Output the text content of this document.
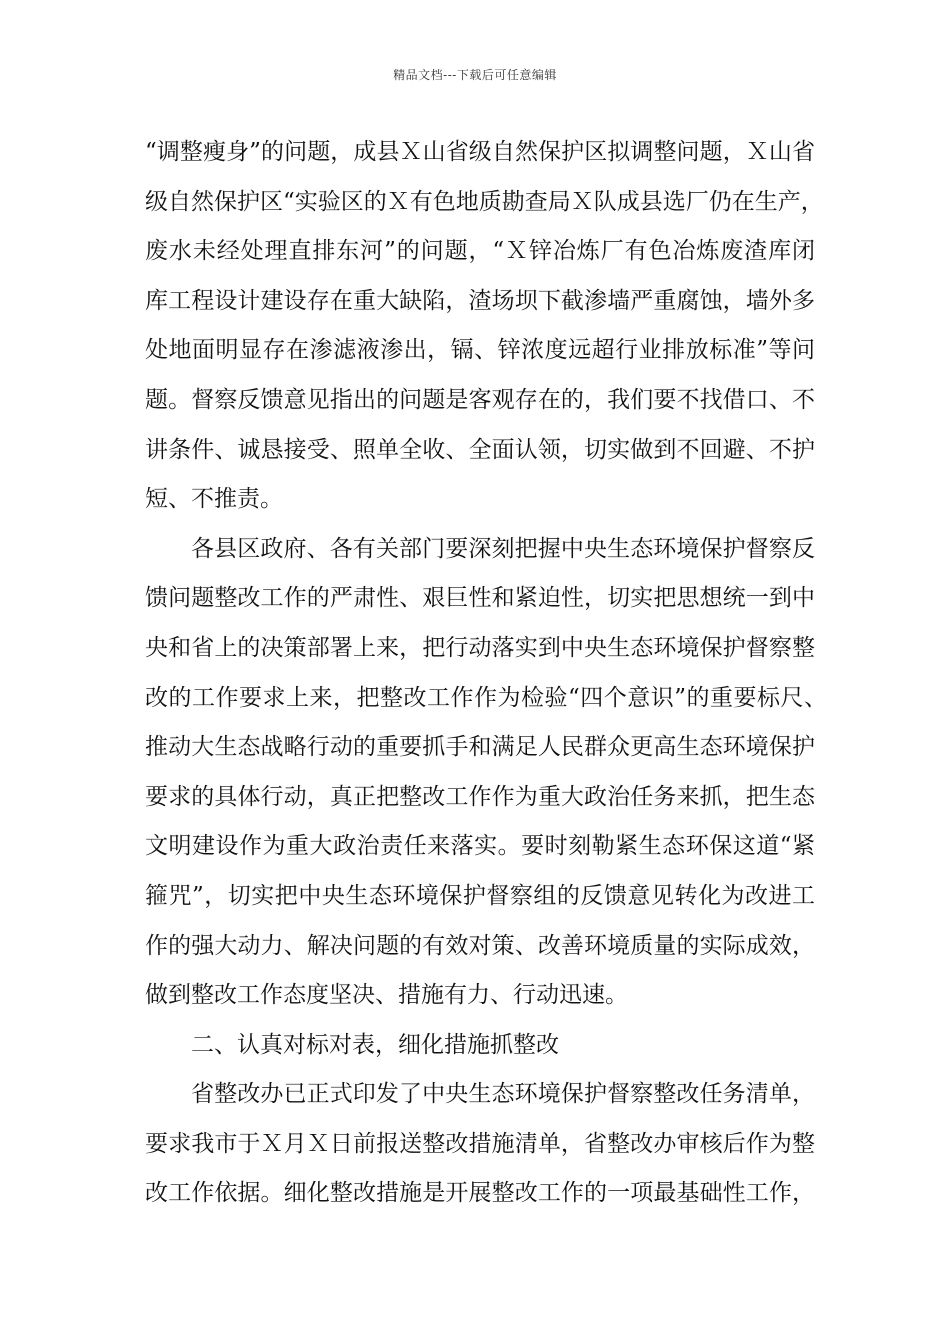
精品文档---下载后可任意编辑
“调整瘦身”的问题，成县Ｘ山省级自然保护区拟调整问题，Ｘ山省
级自然保护区“实验区的Ｘ有色地质勘查局Ｘ队成县选厂仍在生产，
废水未经处理直排东河”的问题，“Ｘ锌冶炼厂有色冶炼废渣库闭
库工程设计建设存在重大缺陷，渣场坝下截渗墙严重腐蚀，墙外多
处地面明显存在渗滤液渗出，镉、锌浓度远超行业排放标准”等问
题。督察反馈意见指出的问题是客观存在的，我们要不找借口、不
讲条件、诚恳接受、照单全收、全面认领，切实做到不回避、不护
短、不推责。
各县区政府、各有关部门要深刻把握中央生态环境保护督察反
馈问题整改工作的严肃性、艰巨性和紧迫性，切实把思想统一到中
央和省上的决策部署上来，把行动落实到中央生态环境保护督察整
改的工作要求上来，把整改工作作为检验“四个意识”的重要标尺、
推动大生态战略行动的重要抓手和满足人民群众更高生态环境保护
要求的具体行动，真正把整改工作作为重大政治任务来抓，把生态
文明建设作为重大政治责任来落实。要时刻勒紧生态环保这道“紧
箍咒”，切实把中央生态环境保护督察组的反馈意见转化为改进工
作的强大动力、解决问题的有效对策、改善环境质量的实际成效，
做到整改工作态度坚决、措施有力、行动迅速。
二、认真对标对表，细化措施抓整改
省整改办已正式印发了中央生态环境保护督察整改任务清单，
要求我市于Ｘ月Ｘ日前报送整改措施清单，省整改办审核后作为整
改工作依据。细化整改措施是开展整改工作的一项最基础性工作，
